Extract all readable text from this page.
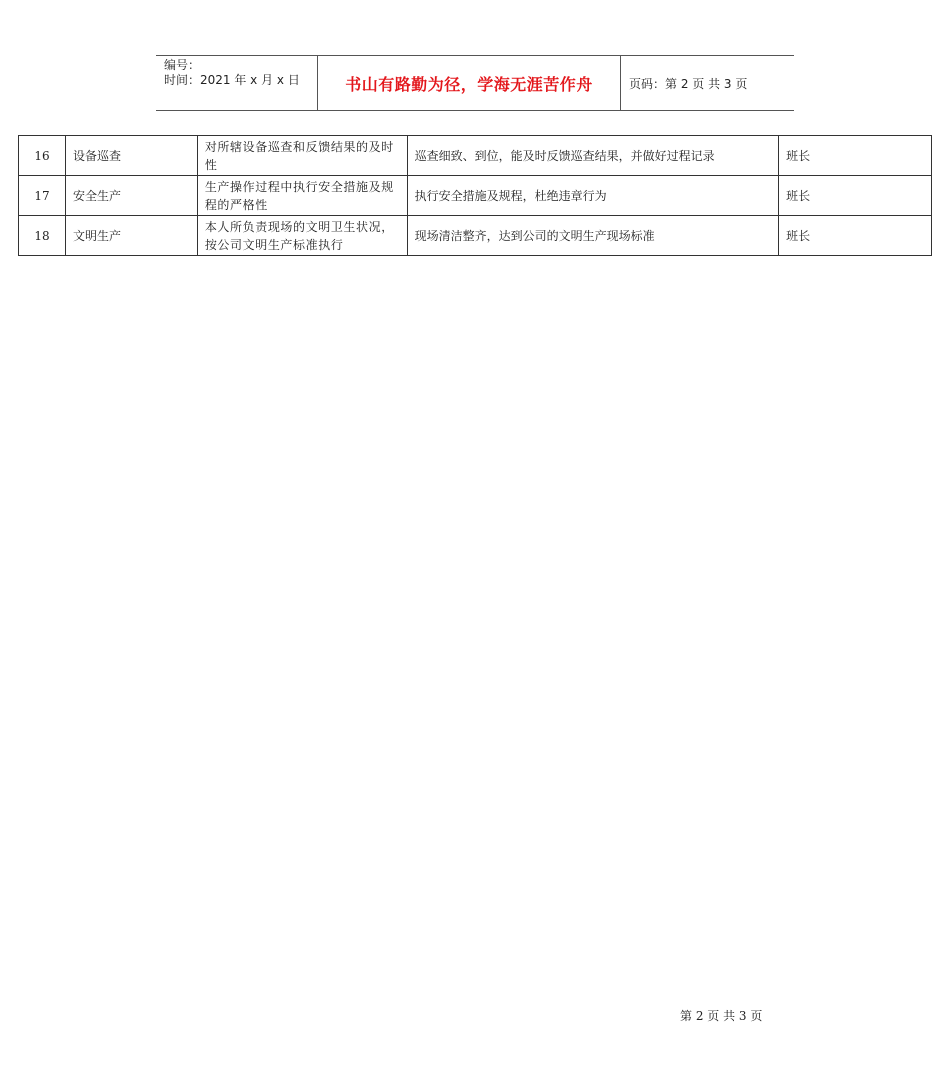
编号：
时间：2021 年 x 月 x 日	书山有路勤为径，学海无涯苦作舟	页码：第 2 页 共 3 页
16	设备巡查	对所辖设备巡查和反馈结果的及时性	巡查细致、到位，能及时反馈巡查结果，并做好过程记录	班长
17	安全生产	生产操作过程中执行安全措施及规程的严格性	执行安全措施及规程，杜绝违章行为	班长
18	文明生产	本人所负责现场的文明卫生状况，按公司文明生产标准执行	现场清洁整齐，达到公司的文明生产现场标准	班长
第 2 页 共 3 页
